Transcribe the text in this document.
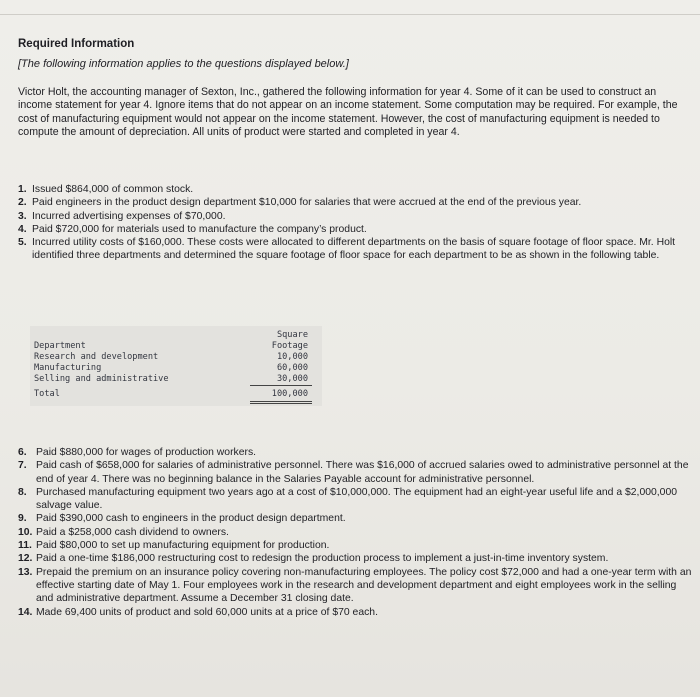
Required Information
[The following information applies to the questions displayed below.]
Victor Holt, the accounting manager of Sexton, Inc., gathered the following information for year 4. Some of it can be used to construct an income statement for year 4. Ignore items that do not appear on an income statement. Some computation may be required. For example, the cost of manufacturing equipment would not appear on the income statement. However, the cost of manufacturing equipment is needed to compute the amount of depreciation. All units of product were started and completed in year 4.
1. Issued $864,000 of common stock.
2. Paid engineers in the product design department $10,000 for salaries that were accrued at the end of the previous year.
3. Incurred advertising expenses of $70,000.
4. Paid $720,000 for materials used to manufacture the company’s product.
5. Incurred utility costs of $160,000. These costs were allocated to different departments on the basis of square footage of floor space. Mr. Holt identified three departments and determined the square footage of floor space for each department to be as shown in the following table.
Square
Department	Footage
Research and development	10,000
Manufacturing	60,000
Selling and administrative	30,000
Total	100,000
6. Paid $880,000 for wages of production workers.
7. Paid cash of $658,000 for salaries of administrative personnel. There was $16,000 of accrued salaries owed to administrative personnel at the end of year 4. There was no beginning balance in the Salaries Payable account for administrative personnel.
8. Purchased manufacturing equipment two years ago at a cost of $10,000,000. The equipment had an eight-year useful life and a $2,000,000 salvage value.
9. Paid $390,000 cash to engineers in the product design department.
10. Paid a $258,000 cash dividend to owners.
11. Paid $80,000 to set up manufacturing equipment for production.
12. Paid a one-time $186,000 restructuring cost to redesign the production process to implement a just-in-time inventory system.
13. Prepaid the premium on an insurance policy covering non-manufacturing employees. The policy cost $72,000 and had a one-year term with an effective starting date of May 1. Four employees work in the research and development department and eight employees work in the selling and administrative department. Assume a December 31 closing date.
14. Made 69,400 units of product and sold 60,000 units at a price of $70 each.
